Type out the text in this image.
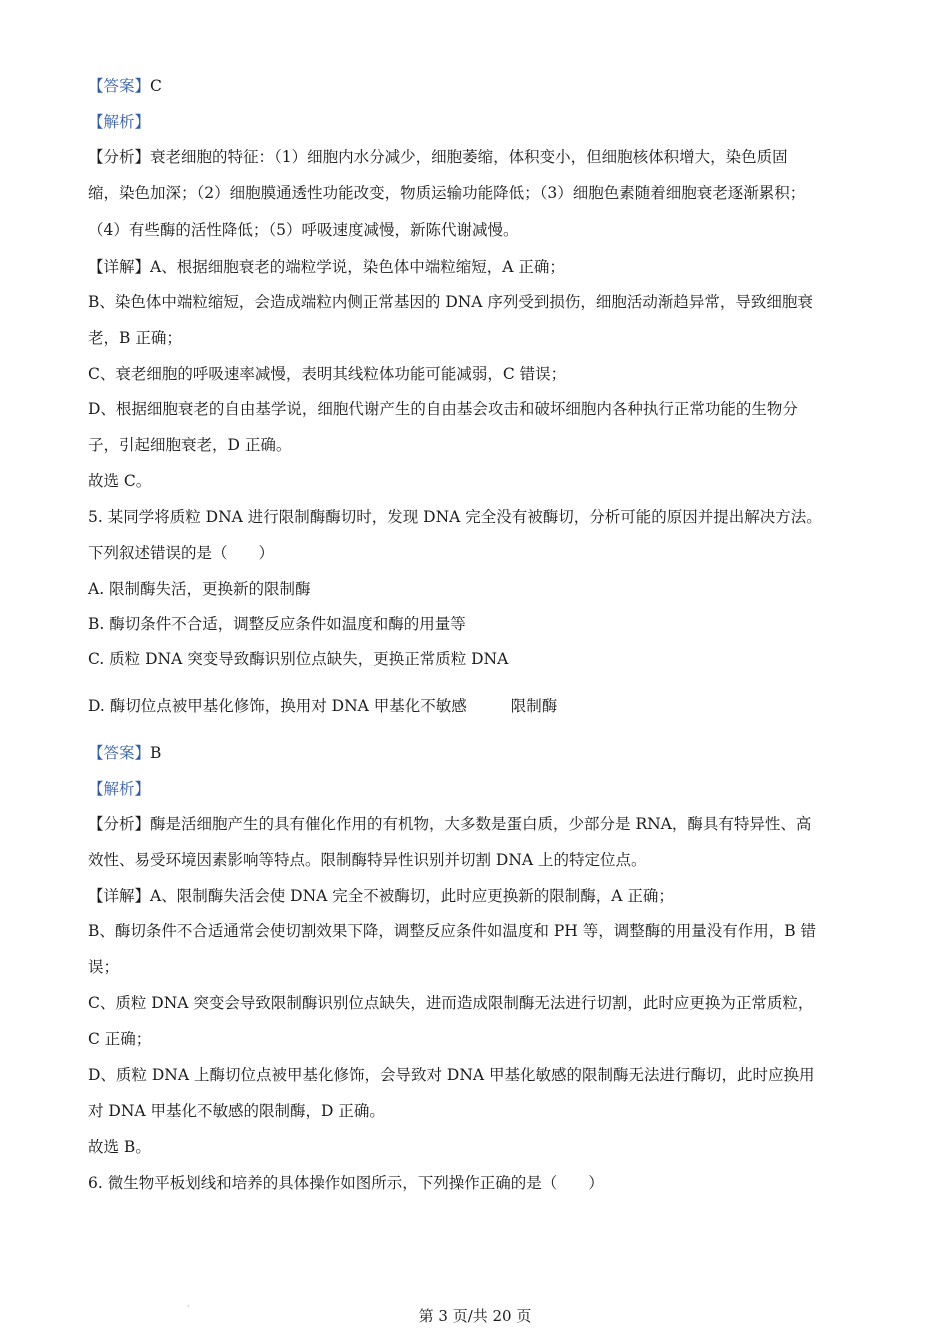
【答案】C
【解析】
【分析】衰老细胞的特征：（1）细胞内水分减少，细胞萎缩，体积变小，但细胞核体积增大，染色质固
缩，染色加深；（2）细胞膜通透性功能改变，物质运输功能降低；（3）细胞色素随着细胞衰老逐渐累积；
（4）有些酶的活性降低；（5）呼吸速度减慢，新陈代谢减慢。
【详解】A、根据细胞衰老的端粒学说，染色体中端粒缩短，A 正确；
B、染色体中端粒缩短，会造成端粒内侧正常基因的 DNA 序列受到损伤，细胞活动渐趋异常，导致细胞衰
老，B 正确；
C、衰老细胞的呼吸速率减慢，表明其线粒体功能可能减弱，C 错误；
D、根据细胞衰老的自由基学说，细胞代谢产生的自由基会攻击和破坏细胞内各种执行正常功能的生物分
子，引起细胞衰老，D 正确。
故选 C。
5. 某同学将质粒 DNA 进行限制酶酶切时，发现 DNA 完全没有被酶切，分析可能的原因并提出解决方法。
下列叙述错误的是（　　）
A. 限制酶失活，更换新的限制酶
B. 酶切条件不合适，调整反应条件如温度和酶的用量等
C. 质粒 DNA 突变导致酶识别位点缺失，更换正常质粒 DNA
D. 酶切位点被甲基化修饰，换用对 DNA 甲基化不敏感	限制酶
【答案】B
【解析】
【分析】酶是活细胞产生的具有催化作用的有机物，大多数是蛋白质，少部分是 RNA，酶具有特异性、高
效性、易受环境因素影响等特点。限制酶特异性识别并切割 DNA 上的特定位点。
【详解】A、限制酶失活会使 DNA 完全不被酶切，此时应更换新的限制酶，A 正确；
B、酶切条件不合适通常会使切割效果下降，调整反应条件如温度和 PH 等，调整酶的用量没有作用，B 错
误；
C、质粒 DNA 突变会导致限制酶识别位点缺失，进而造成限制酶无法进行切割，此时应更换为正常质粒，
C 正确；
D、质粒 DNA 上酶切位点被甲基化修饰，会导致对 DNA 甲基化敏感的限制酶无法进行酶切，此时应换用
对 DNA 甲基化不敏感的限制酶，D 正确。
故选 B。
6. 微生物平板划线和培养的具体操作如图所示，下列操作正确的是（　　）
·
第 3 页/共 20 页
